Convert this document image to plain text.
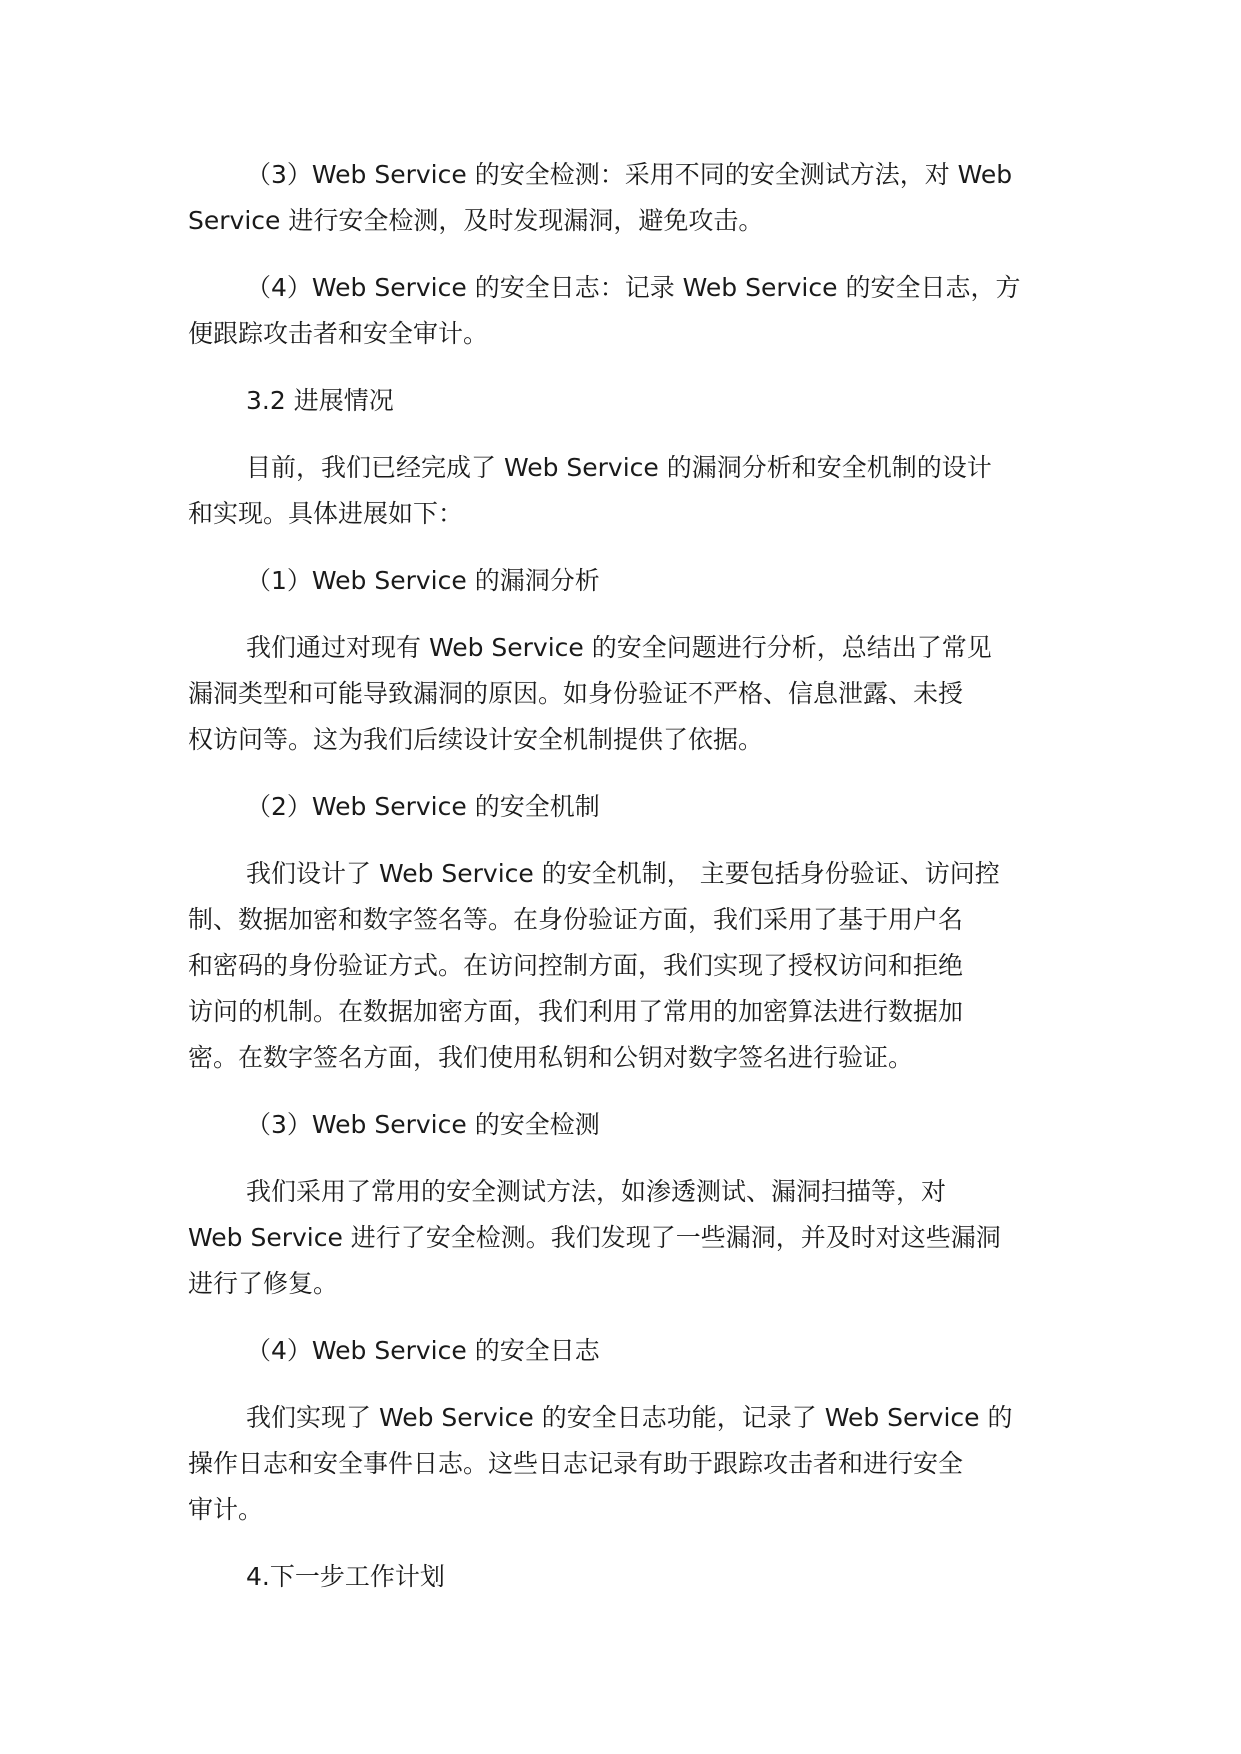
（3）Web Service 的安全检测：采用不同的安全测试方法，对 Web
Service 进行安全检测，及时发现漏洞，避免攻击。
（4）Web Service 的安全日志：记录 Web Service 的安全日志，方
便跟踪攻击者和安全审计。
3.2 进展情况
目前，我们已经完成了 Web Service 的漏洞分析和安全机制的设计
和实现。具体进展如下：
（1）Web Service 的漏洞分析
我们通过对现有 Web Service 的安全问题进行分析，总结出了常见
漏洞类型和可能导致漏洞的原因。如身份验证不严格、信息泄露、未授
权访问等。这为我们后续设计安全机制提供了依据。
（2）Web Service 的安全机制
我们设计了 Web Service 的安全机制， 主要包括身份验证、访问控
制、数据加密和数字签名等。在身份验证方面，我们采用了基于用户名
和密码的身份验证方式。在访问控制方面，我们实现了授权访问和拒绝
访问的机制。在数据加密方面，我们利用了常用的加密算法进行数据加
密。在数字签名方面，我们使用私钥和公钥对数字签名进行验证。
（3）Web Service 的安全检测
我们采用了常用的安全测试方法，如渗透测试、漏洞扫描等，对
Web Service 进行了安全检测。我们发现了一些漏洞，并及时对这些漏洞
进行了修复。
（4）Web Service 的安全日志
我们实现了 Web Service 的安全日志功能，记录了 Web Service 的
操作日志和安全事件日志。这些日志记录有助于跟踪攻击者和进行安全
审计。
4.下一步工作计划
